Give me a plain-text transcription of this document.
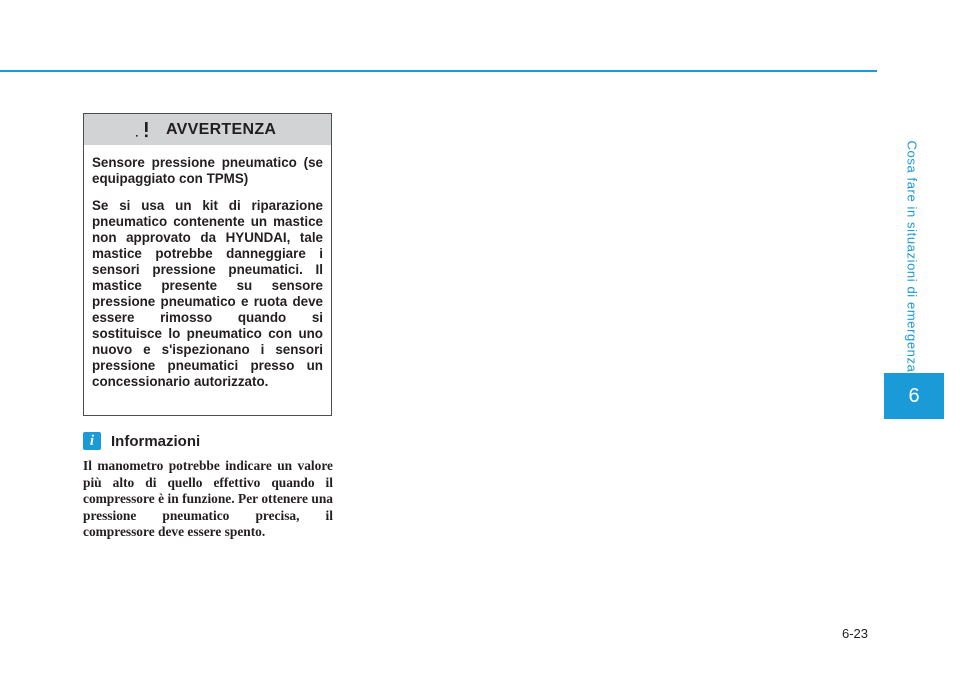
Cosa fare in situazioni di emergenza
6
AVVERTENZA

Sensore pressione pneumatico (se equipaggiato con TPMS)

Se si usa un kit di riparazione pneumatico contenente un mastice non approvato da HYUNDAI, tale mastice potrebbe danneggiare i sensori pressione pneumatici. Il mastice presente su sensore pressione pneumatico e ruota deve essere rimosso quando si sostituisce lo pneumatico con uno nuovo e s'ispezionano i sensori pressione pneumatici presso un concessionario autorizzato.

i	Informazioni

Il manometro potrebbe indicare un valore più alto di quello effettivo quando il compressore è in funzione. Per ottenere una pressione pneumatico precisa, il compressore deve essere spento.

6-23
